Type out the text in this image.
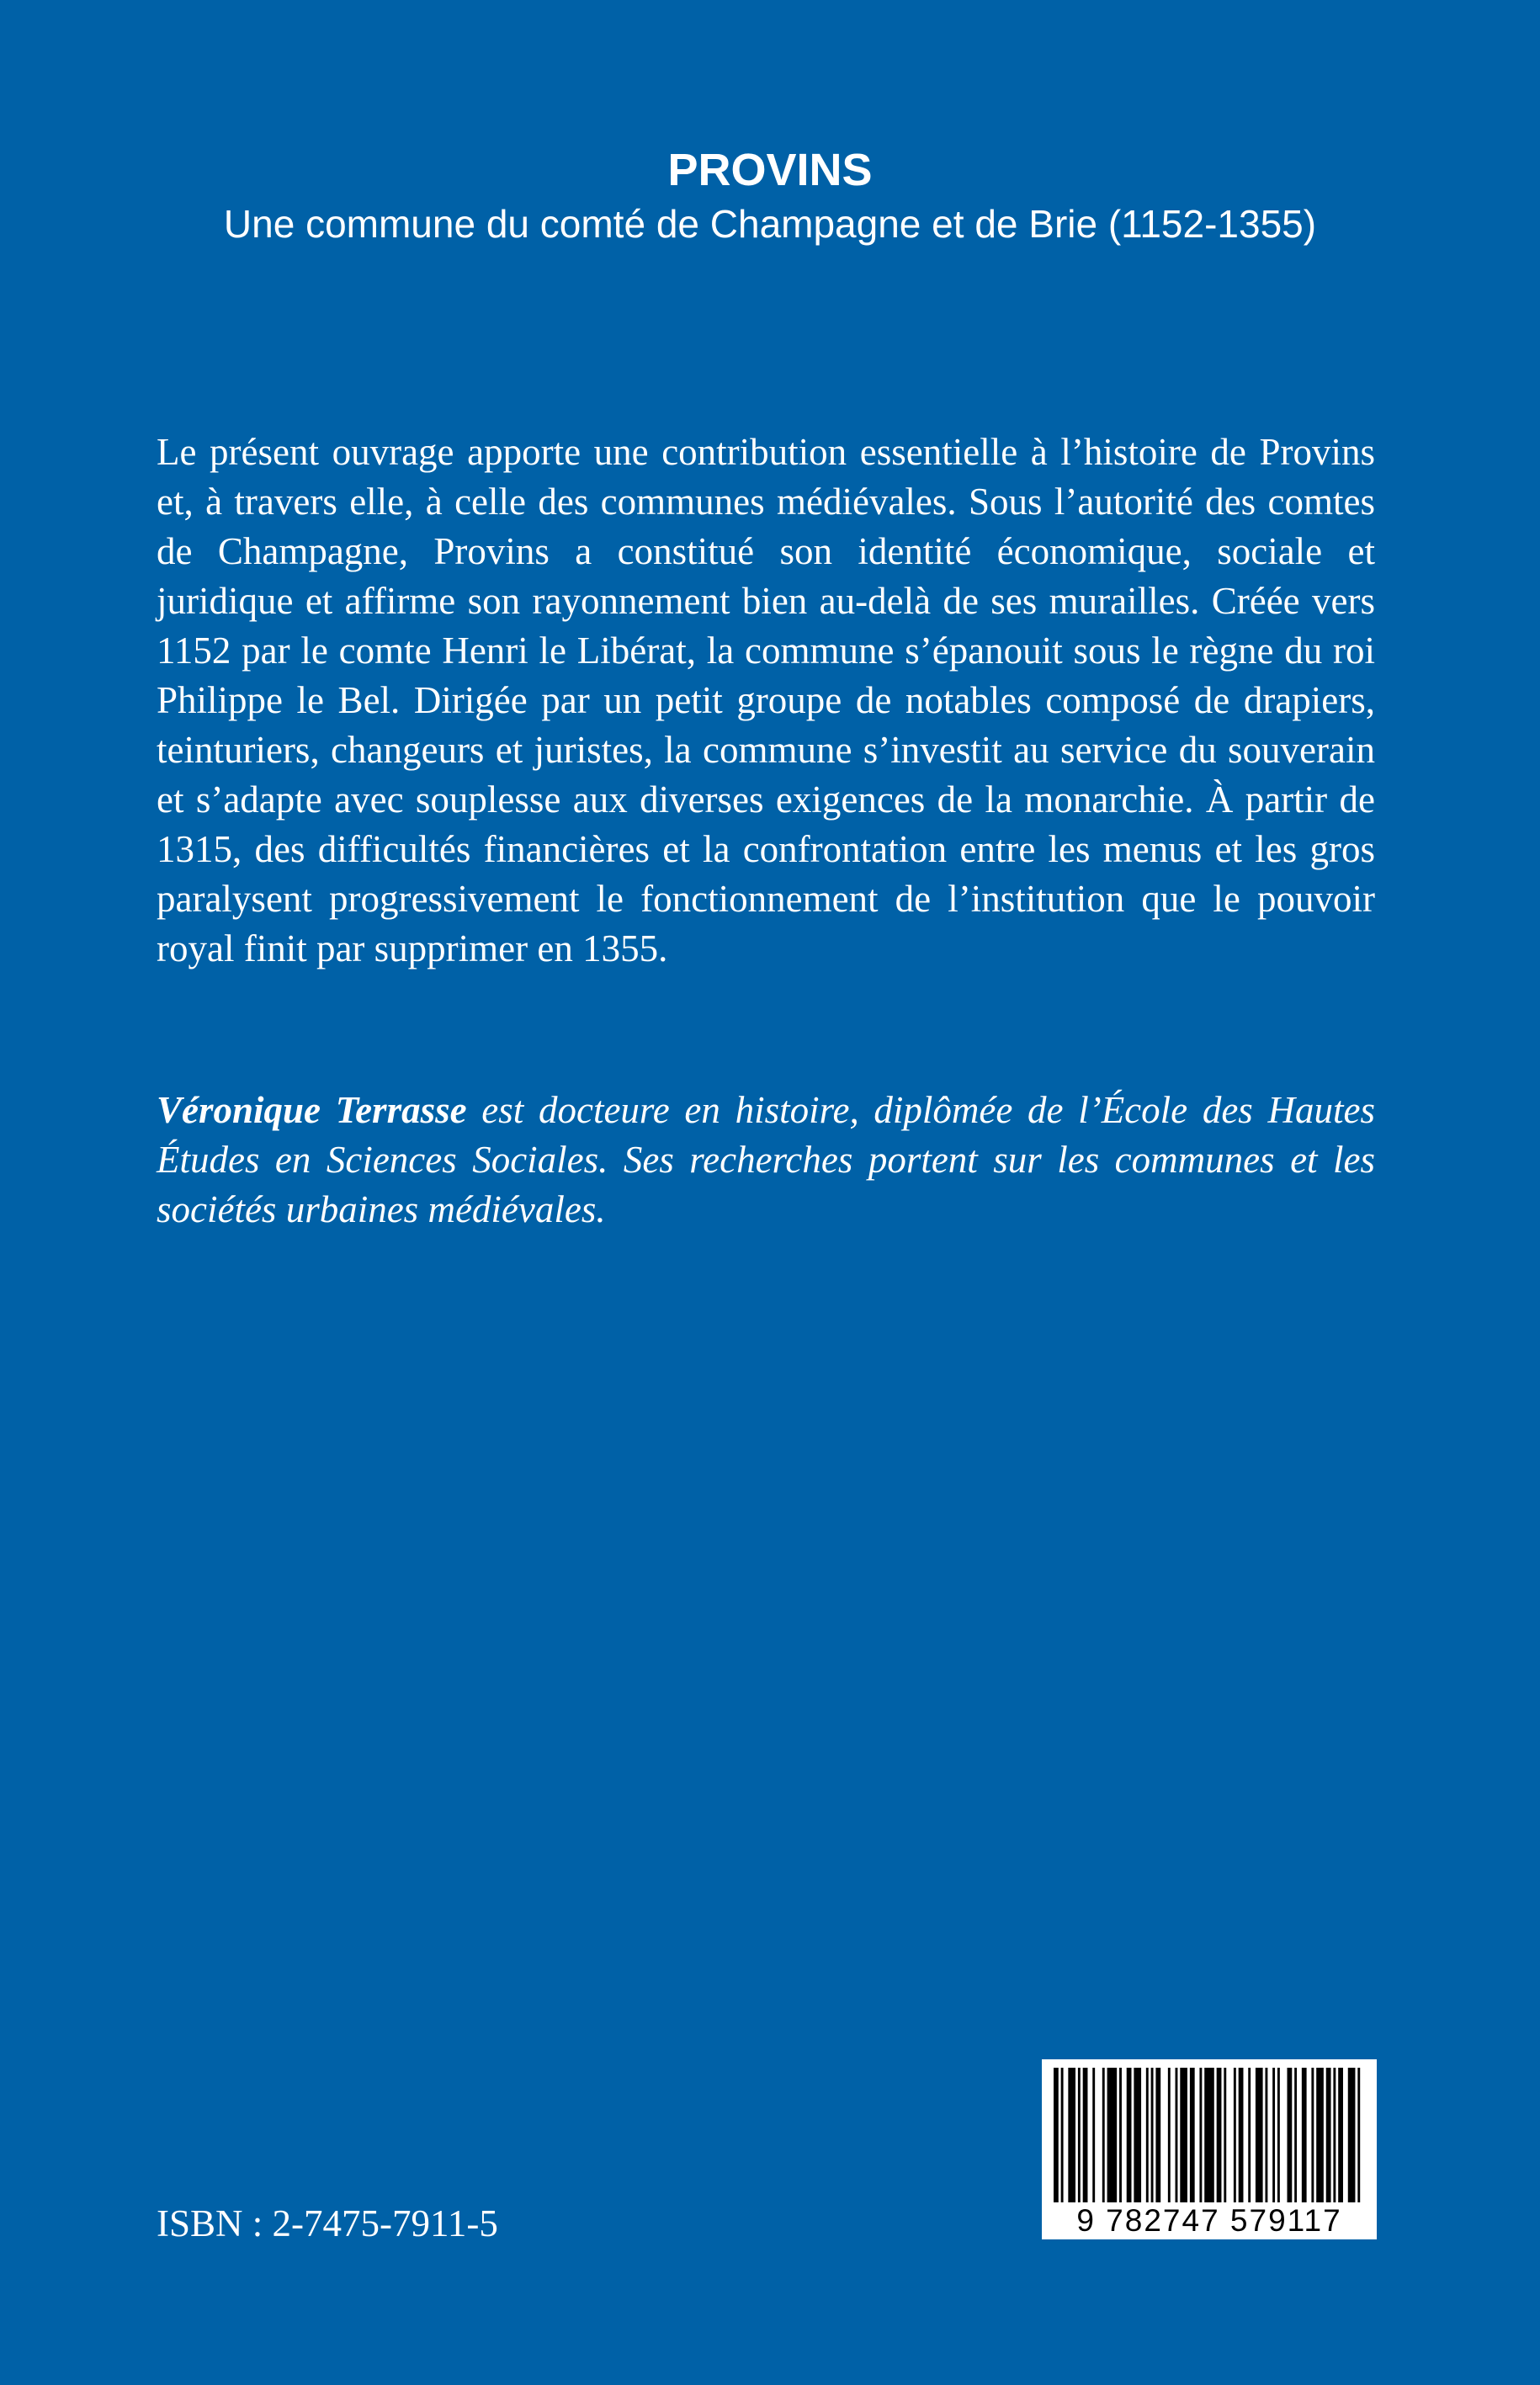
PROVINS
Une commune du comté de Champagne et de Brie (1152-1355)

Le présent ouvrage apporte une contribution essentielle à l’histoire de Provins et, à travers elle, à celle des communes médiévales. Sous l’autorité des comtes de Champagne, Provins a constitué son identité économique, sociale et juridique et affirme son rayonnement bien au-delà de ses murailles. Créée vers 1152 par le comte Henri le Libérat, la commune s’épanouit sous le règne du roi Philippe le Bel. Dirigée par un petit groupe de notables composé de drapiers, teinturiers, changeurs et juristes, la commune s’investit au service du souverain et s’adapte avec souplesse aux diverses exigences de la monarchie. À partir de 1315, des difficultés financières et la confrontation entre les menus et les gros paralysent progressivement le fonctionnement de l’institution que le pouvoir royal finit par supprimer en 1355.

Véronique Terrasse est docteure en histoire, diplômée de l’École des Hautes Études en Sciences Sociales. Ses recherches portent sur les communes et les sociétés urbaines médiévales.

ISBN : 2-7475-7911-5	9 782747 579117
